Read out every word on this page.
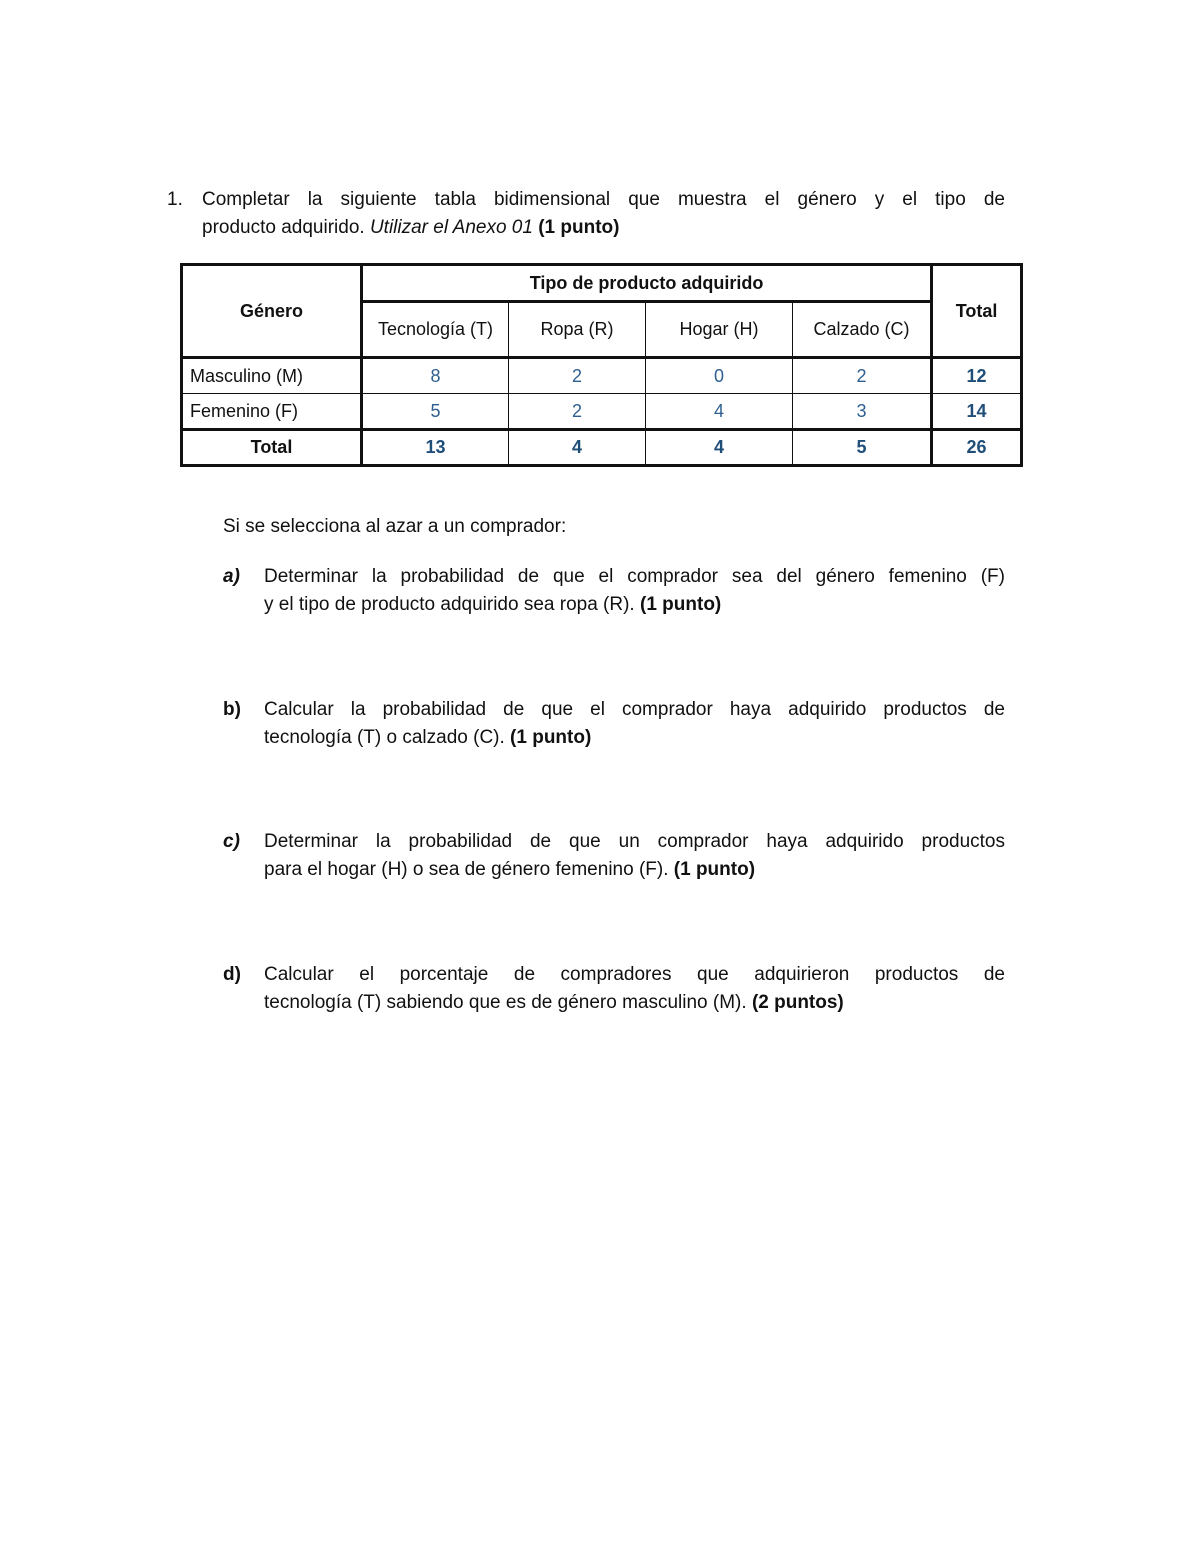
1. Completar la siguiente tabla bidimensional que muestra el género y el tipo de
producto adquirido. Utilizar el Anexo 01 (1 punto)
Género	Tipo de producto adquirido				Total
	Tecnología (T)	Ropa (R)	Hogar (H)	Calzado (C)	
Masculino (M)	8	2	0	2	12
Femenino (F)	5	2	4	3	14
Total	13	4	4	5	26
Si se selecciona al azar a un comprador:
a) Determinar la probabilidad de que el comprador sea del género femenino (F)
y el tipo de producto adquirido sea ropa (R). (1 punto)
b) Calcular la probabilidad de que el comprador haya adquirido productos de
tecnología (T) o calzado (C). (1 punto)
c) Determinar la probabilidad de que un comprador haya adquirido productos
para el hogar (H) o sea de género femenino (F). (1 punto)
d) Calcular el porcentaje de compradores que adquirieron productos de
tecnología (T) sabiendo que es de género masculino (M). (2 puntos)
